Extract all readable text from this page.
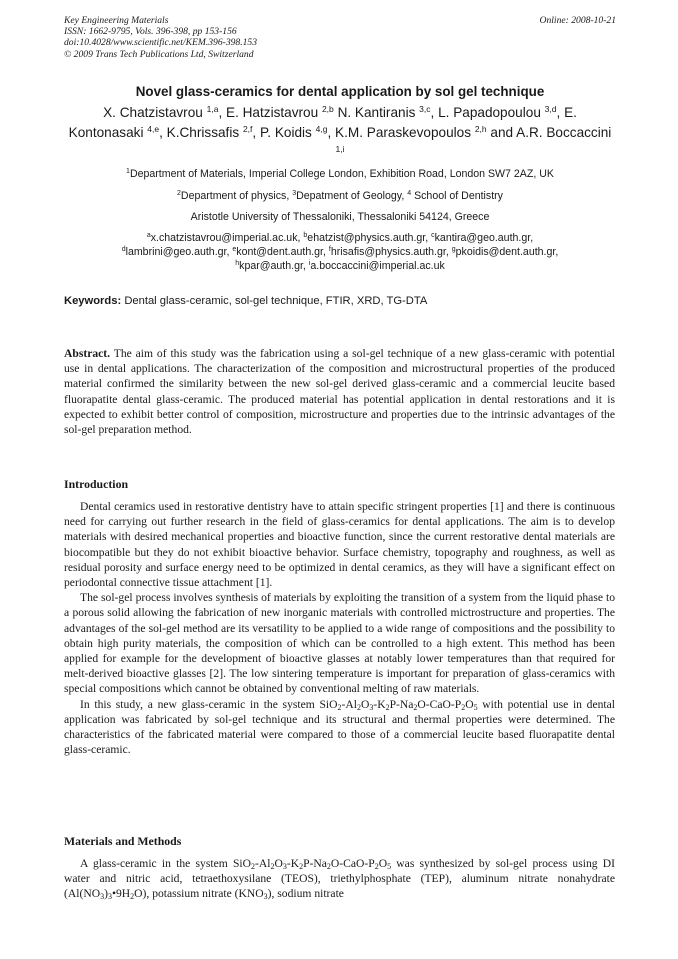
Key Engineering Materials
ISSN: 1662-9795, Vols. 396-398, pp 153-156
doi:10.4028/www.scientific.net/KEM.396-398.153
© 2009 Trans Tech Publications Ltd, Switzerland
Online: 2008-10-21
Novel glass-ceramics for dental application by sol gel technique
X. Chatzistavrou $^{1,a}$, E. Hatzistavrou $^{2,b}$ N. Kantiranis $^{3,c}$, L. Papadopoulou $^{3,d}$, E. Kontonasaki $^{4,e}$, K.Chrissafis $^{2,f}$, P. Koidis $^{4,g}$, K.M. Paraskevopoulos $^{2,h}$ and A.R. Boccaccini $^{1,i}$
$^1$Department of Materials, Imperial College London, Exhibition Road, London SW7 2AZ, UK
$^2$Department of physics, $^3$Depatment of Geology, $^4$ School of Dentistry
Aristotle University of Thessaloniki, Thessaloniki 54124, Greece
$^a$x.chatzistavrou@imperial.ac.uk, $^b$ehatzist@physics.auth.gr, $^c$kantira@geo.auth.gr,
$^d$lambrini@geo.auth.gr, $^e$kont@dent.auth.gr, $^f$hrisafis@physics.auth.gr, $^g$pkoidis@dent.auth.gr,
$^h$kpar@auth.gr, $^i$a.boccaccini@imperial.ac.uk
Keywords: Dental glass-ceramic, sol-gel technique, FTIR, XRD, TG-DTA

Abstract. The aim of this study was the fabrication using a sol-gel technique of a new glass-ceramic with potential use in dental applications. The characterization of the composition and microstructural properties of the produced material confirmed the similarity between the new sol-gel derived glass-ceramic and a commercial leucite based fluorapatite dental glass-ceramic. The produced material has potential application in dental restorations and it is expected to exhibit better control of composition, microstructure and properties due to the intrinsic advantages of the sol-gel preparation method.

Introduction

Dental ceramics used in restorative dentistry have to attain specific stringent properties [1] and there is continuous need for carrying out further research in the field of glass-ceramics for dental applications. The aim is to develop materials with desired mechanical properties and bioactive function, since the current restorative dental materials are biocompatible but they do not exhibit bioactive behavior. Surface chemistry, topography and roughness, as well as residual porosity and surface energy need to be optimized in dental ceramics, as they will have a significant effect on periodontal connective tissue attachment [1].

The sol-gel process involves synthesis of materials by exploiting the transition of a system from the liquid phase to a porous solid allowing the fabrication of new inorganic materials with controlled mictrostructure and properties. The advantages of the sol-gel method are its versatility to be applied to a wide range of compositions and the possibility to obtain high purity materials, the composition of which can be controlled to a high extent. This method has been applied for example for the development of bioactive glasses at notably lower temperatures than that required for melt-derived bioactive glasses [2]. The low sintering temperature is important for preparation of glass-ceramics with special compositions which cannot be obtained by conventional melting of raw materials.

In this study, a new glass-ceramic in the system $SiO_2-Al_2O_3-K_2P-Na_2O-CaO-P_2O_5$ with potential use in dental application was fabricated by sol-gel technique and its structural and thermal properties were determined. The characteristics of the fabricated material were compared to those of a commercial leucite based fluorapatite dental glass-ceramic.

Materials and Methods

A glass-ceramic in the system $SiO_2-Al_2O_3-K_2P-Na_2O-CaO-P_2O_5$ was synthesized by sol-gel process using DI water and nitric acid, tetraethoxysilane (TEOS), triethylphosphate (TEP), aluminum nitrate nonahydrate $(Al(NO_3)_3•9H_2O)$, potassium nitrate $(KNO_3)$, sodium nitrate
